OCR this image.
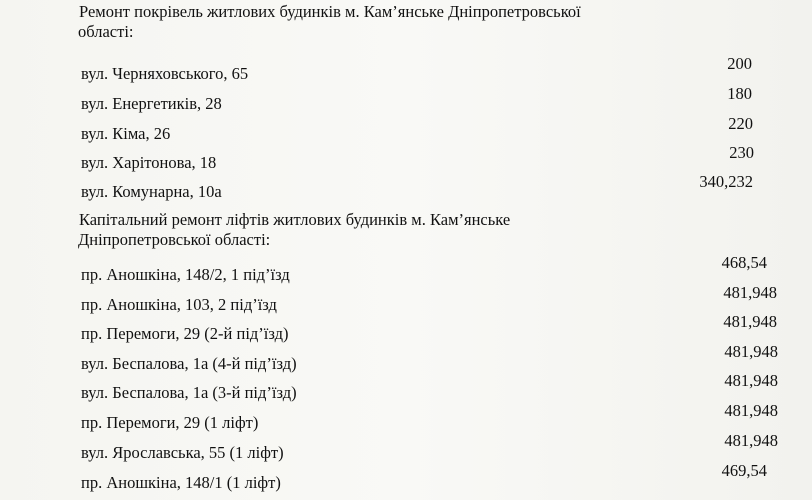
Ремонт покрівель житлових будинків м. Кам’янське Дніпропетровської
області:
вул. Черняховського, 65
200
вул. Енергетиків, 28
180
вул. Кіма, 26
220
вул. Харітонова, 18
230
вул. Комунарна, 10а
340,232
Капітальний ремонт ліфтів житлових будинків м. Кам’янське
Дніпропетровської області:
пр. Аношкіна, 148/2, 1 під’їзд
468,54
пр. Аношкіна, 103, 2 під’їзд
481,948
пр. Перемоги, 29 (2-й під’їзд)
481,948
вул. Беспалова, 1а (4-й під’їзд)
481,948
вул. Беспалова, 1а (3-й під’їзд)
481,948
пр. Перемоги, 29 (1 ліфт)
481,948
вул. Ярославська, 55 (1 ліфт)
481,948
пр. Аношкіна, 148/1 (1 ліфт)
469,54
